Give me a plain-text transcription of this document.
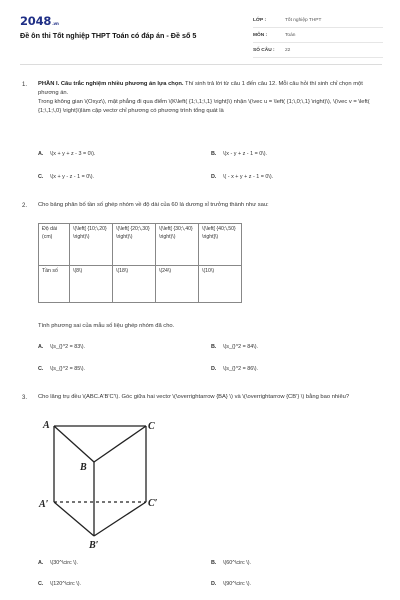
2048.vn
Đề ôn thi Tốt nghiệp THPT Toán có đáp án - Đề số 5
LỚP :	Tốt nghiệp THPT
MÔN :	Toán
SỐ CÂU :	22
1. PHẦN I. Câu trắc nghiệm nhiều phương án lựa chọn. Thí sinh trả lời từ câu 1 đến câu 12. Mỗi câu hỏi thí sinh chỉ chọn một phương án.
Trong không gian \(Oxyz\), mặt phẳng đi qua điểm \(K\left( {1;\,1;\,1} \right)\) nhận \(\vec u = \left( {1;\,0;\,1} \right)\), \(\vec v = \left( {1;\,1;\,0} \right)\)làm cặp vectơ chỉ phương có phương trình tổng quát là
A. \(x + y + z - 3 = 0\).	B. \(x - y + z - 1 = 0\).
C. \(x + y - z - 1 = 0\).	D. \( - x + y + z - 1 = 0\).
2. Cho bảng phân bố tần số ghép nhóm về độ dài của 60 lá dương xỉ trưởng thành như sau:
Độ dài (cm)	\(\left[ {10;\,20} \right)\)	\(\left[ {20;\,30} \right)\)	\(\left[ {30;\,40} \right)\)	\(\left[ {40;\,50} \right]\)
Tần số	\(8\)	\(18\)	\(24\)	\(10\)
Tính phương sai của mẫu số liệu ghép nhóm đã cho.
A. \(s_{}^2 = 83\).	B. \(s_{}^2 = 84\).
C. \(s_{}^2 = 85\).	D. \(s_{}^2 = 86\).
3. Cho lăng trụ đều \(ABC.A'B'C'\). Góc giữa hai vectơ \(\overrightarrow {BA} \) và \(\overrightarrow {CB'} \) bằng bao nhiêu?
A	C
B
A′	C′
B′
A. \(30^\circ \).	B. \(60^\circ \).
C. \(120^\circ \).	D. \(90^\circ \).
